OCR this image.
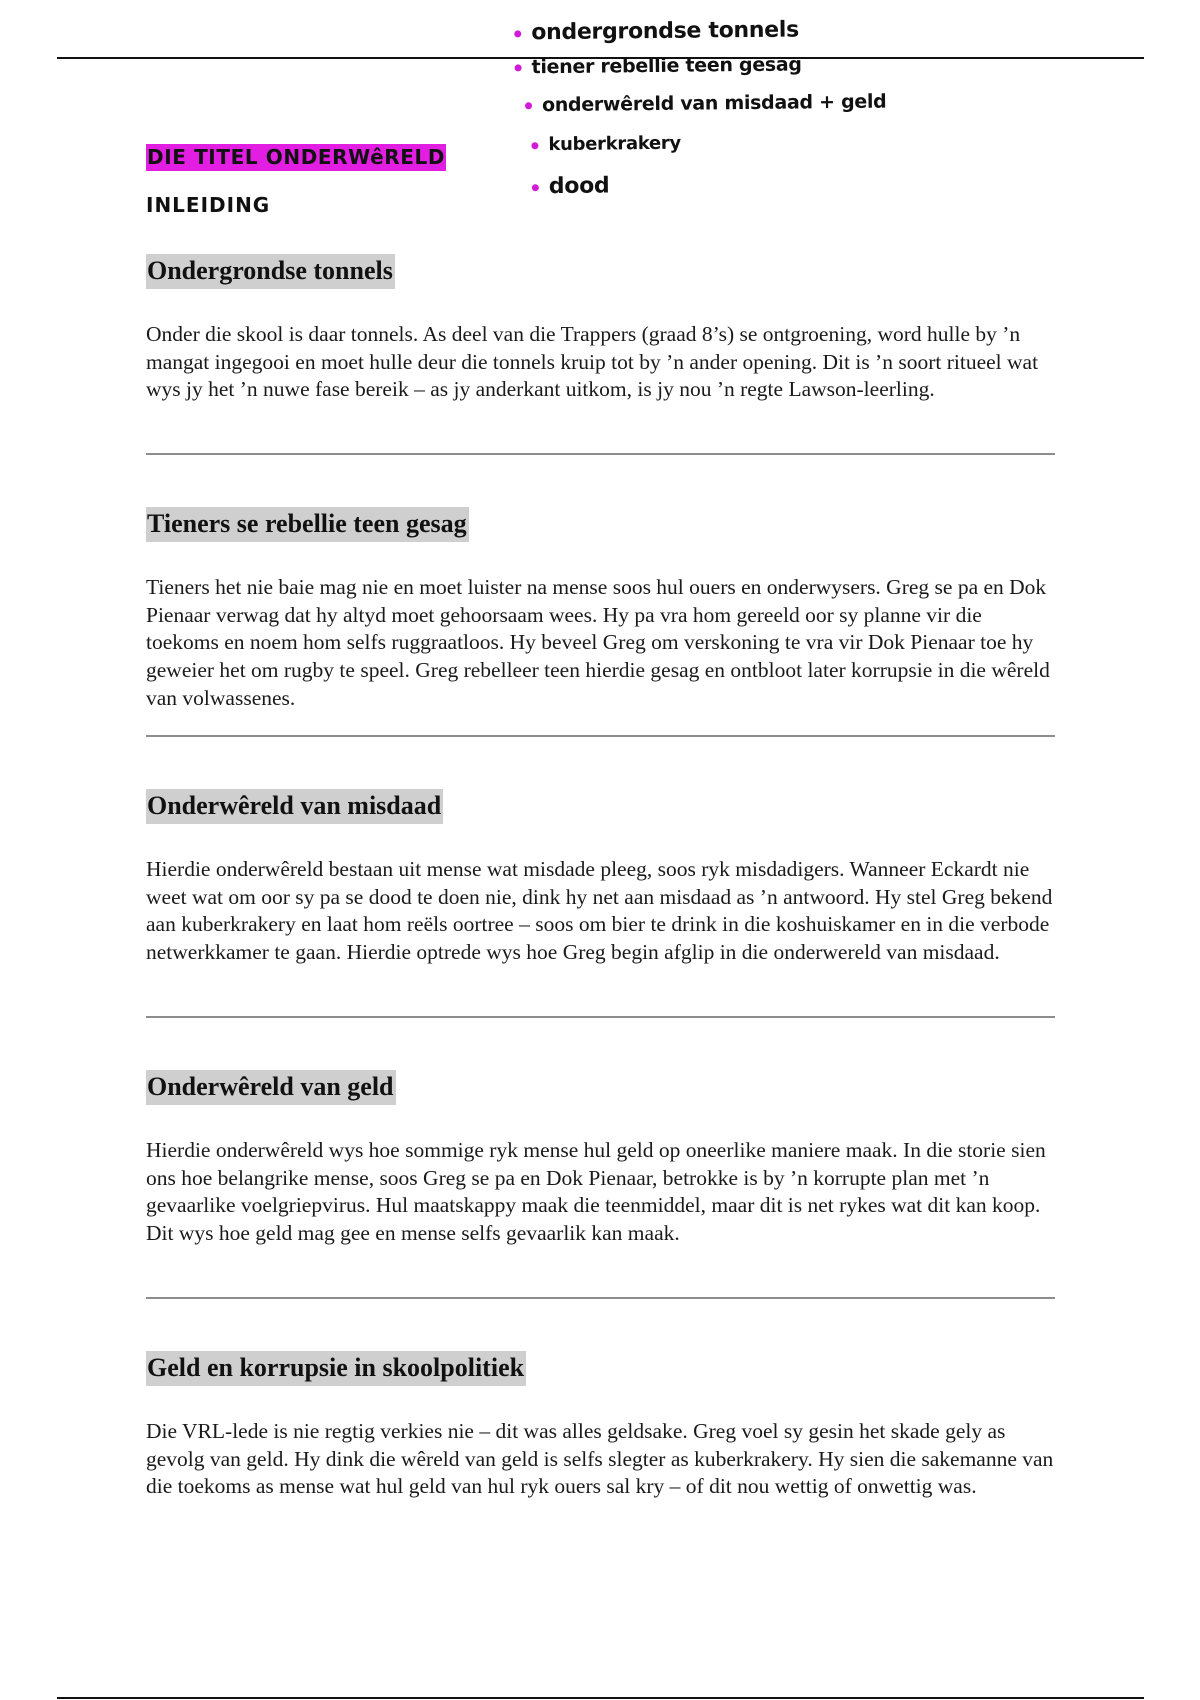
ondergrondse tonnels
tiener rebellie teen gesag
onderwêreld van misdaad + geld
kuberkrakery
dood
DIE TITEL ONDERWêRELD
INLEIDING
Ondergrondse tonnels

Onder die skool is daar tonnels. As deel van die Trappers (graad 8’s) se ontgroening, word hulle by ’n mangat ingegooi en moet hulle deur die tonnels kruip tot by ’n ander opening. Dit is ’n soort ritueel wat wys jy het ’n nuwe fase bereik – as jy anderkant uitkom, is jy nou ’n regte Lawson-leerling.

Tieners se rebellie teen gesag

Tieners het nie baie mag nie en moet luister na mense soos hul ouers en onderwysers. Greg se pa en Dok Pienaar verwag dat hy altyd moet gehoorsaam wees. Hy pa vra hom gereeld oor sy planne vir die toekoms en noem hom selfs ruggraatloos. Hy beveel Greg om verskoning te vra vir Dok Pienaar toe hy geweier het om rugby te speel. Greg rebelleer teen hierdie gesag en ontbloot later korrupsie in die wêreld van volwassenes.

Onderwêreld van misdaad

Hierdie onderwêreld bestaan uit mense wat misdade pleeg, soos ryk misdadigers. Wanneer Eckardt nie weet wat om oor sy pa se dood te doen nie, dink hy net aan misdaad as ’n antwoord. Hy stel Greg bekend aan kuberkrakery en laat hom reëls oortree – soos om bier te drink in die koshuiskamer en in die verbode netwerkkamer te gaan. Hierdie optrede wys hoe Greg begin afglip in die onderwereld van misdaad.

Onderwêreld van geld

Hierdie onderwêreld wys hoe sommige ryk mense hul geld op oneerlike maniere maak. In die storie sien ons hoe belangrike mense, soos Greg se pa en Dok Pienaar, betrokke is by ’n korrupte plan met ’n gevaarlike voelgriepvirus. Hul maatskappy maak die teenmiddel, maar dit is net rykes wat dit kan koop. Dit wys hoe geld mag gee en mense selfs gevaarlik kan maak.

Geld en korrupsie in skoolpolitiek

Die VRL-lede is nie regtig verkies nie – dit was alles geldsake. Greg voel sy gesin het skade gely as gevolg van geld. Hy dink die wêreld van geld is selfs slegter as kuberkrakery. Hy sien die sakemanne van die toekoms as mense wat hul geld van hul ryk ouers sal kry – of dit nou wettig of onwettig was.
